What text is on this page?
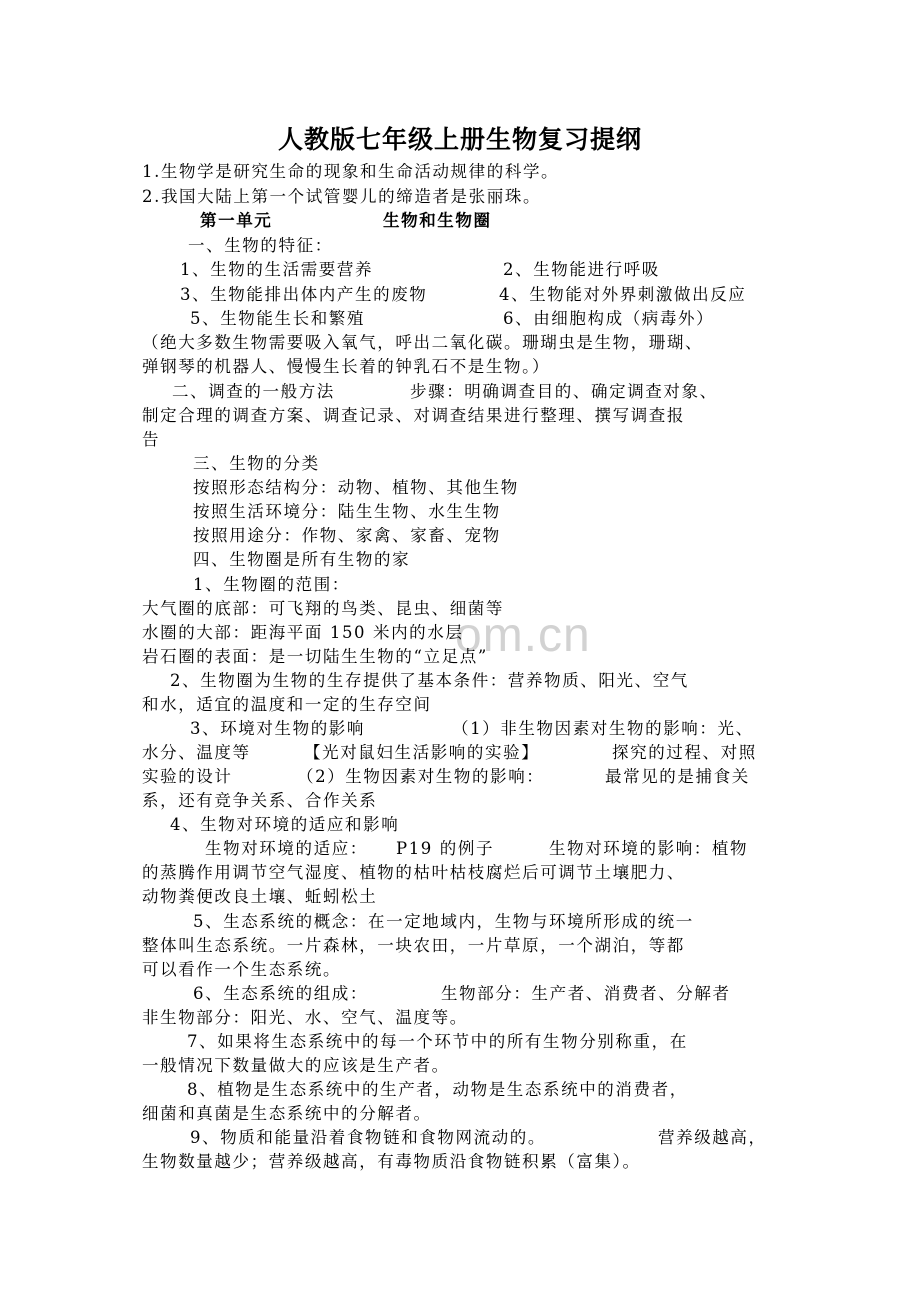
om.cn
人教版七年级上册生物复习提纲
1.生物学是研究生命的现象和生命活动规律的科学。
2.我国大陆上第一个试管婴儿的缔造者是张丽珠。
第一单元	生物和生物圈
一、生物的特征：
1、生物的生活需要营养	2、生物能进行呼吸
3、生物能排出体内产生的废物	4、生物能对外界刺激做出反应
5、生物能生长和繁殖	6、由细胞构成（病毒外）
（绝大多数生物需要吸入氧气，呼出二氧化碳。珊瑚虫是生物，珊瑚、
弹钢琴的机器人、慢慢生长着的钟乳石不是生物。）
二、调查的一般方法	步骤：明确调查目的、确定调查对象、
制定合理的调查方案、调查记录、对调查结果进行整理、撰写调查报
告
三、生物的分类
按照形态结构分：动物、植物、其他生物
按照生活环境分：陆生生物、水生生物
按照用途分：作物、家禽、家畜、宠物
四、生物圈是所有生物的家
1、生物圈的范围：
大气圈的底部：可飞翔的鸟类、昆虫、细菌等
水圈的大部：距海平面 150 米内的水层
岩石圈的表面：是一切陆生生物的“立足点”
2、生物圈为生物的生存提供了基本条件：营养物质、阳光、空气
和水，适宜的温度和一定的生存空间
3、环境对生物的影响	（1）非生物因素对生物的影响：光、
水分、温度等	【光对鼠妇生活影响的实验】	探究的过程、对照
实验的设计	（2）生物因素对生物的影响：	最常见的是捕食关
系，还有竞争关系、合作关系
4、生物对环境的适应和影响
生物对环境的适应： P19 的例子	生物对环境的影响：植物
的蒸腾作用调节空气湿度、植物的枯叶枯枝腐烂后可调节土壤肥力、
动物粪便改良土壤、蚯蚓松土
5、生态系统的概念：在一定地域内，生物与环境所形成的统一
整体叫生态系统。一片森林，一块农田，一片草原，一个湖泊，等都
可以看作一个生态系统。
6、生态系统的组成：	生物部分：生产者、消费者、分解者
非生物部分：阳光、水、空气、温度等。
7、如果将生态系统中的每一个环节中的所有生物分别称重，在
一般情况下数量做大的应该是生产者。
8、植物是生态系统中的生产者，动物是生态系统中的消费者，
细菌和真菌是生态系统中的分解者。
9、物质和能量沿着食物链和食物网流动的。	营养级越高，
生物数量越少；营养级越高，有毒物质沿食物链积累（富集）。
